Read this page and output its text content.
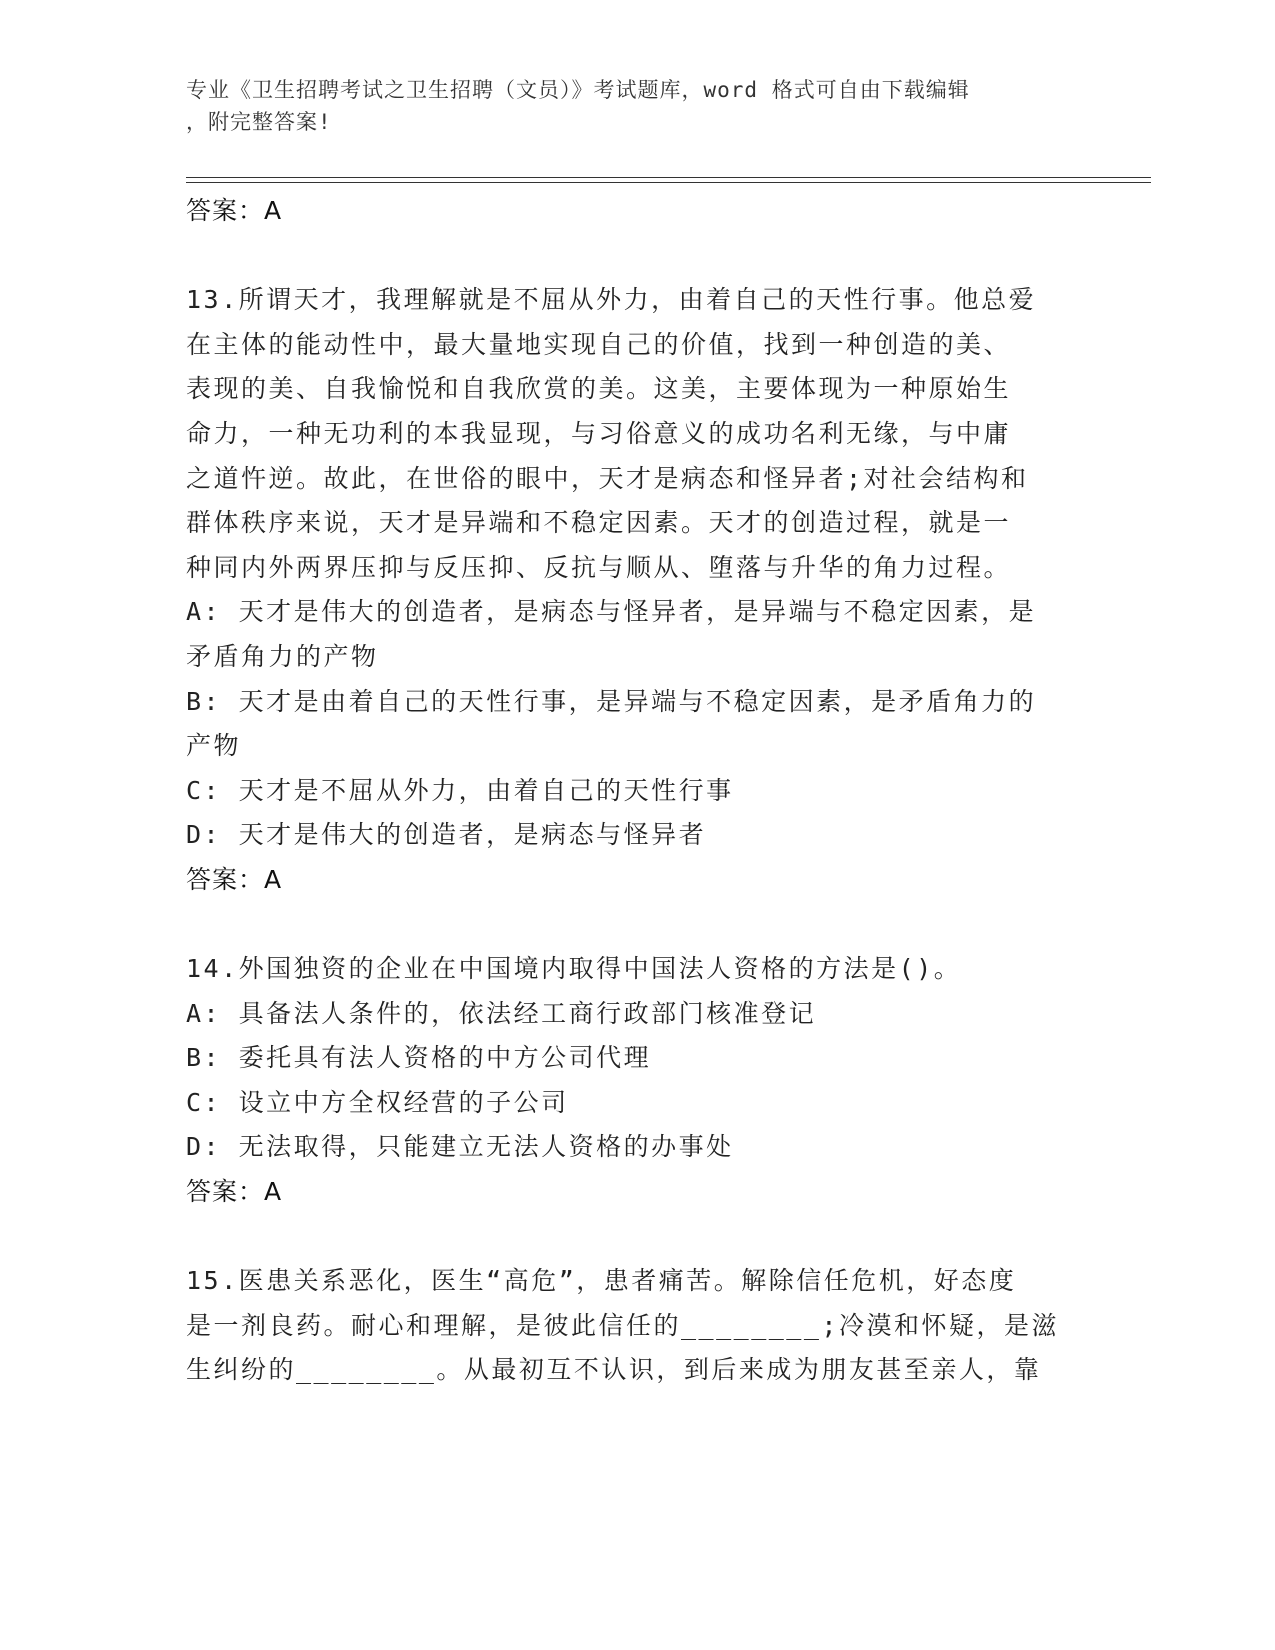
专业《卫生招聘考试之卫生招聘（文员）》考试题库，word 格式可自由下载编辑
，附完整答案!
答案：A

13.所谓天才，我理解就是不屈从外力，由着自己的天性行事。他总爱

在主体的能动性中，最大量地实现自己的价值，找到一种创造的美、

表现的美、自我愉悦和自我欣赏的美。这美，主要体现为一种原始生

命力，一种无功利的本我显现，与习俗意义的成功名利无缘，与中庸

之道忤逆。故此，在世俗的眼中，天才是病态和怪异者;对社会结构和

群体秩序来说，天才是异端和不稳定因素。天才的创造过程，就是一

种同内外两界压抑与反压抑、反抗与顺从、堕落与升华的角力过程。

A: 天才是伟大的创造者，是病态与怪异者，是异端与不稳定因素，是

矛盾角力的产物

B: 天才是由着自己的天性行事，是异端与不稳定因素，是矛盾角力的

产物

C: 天才是不屈从外力，由着自己的天性行事

D: 天才是伟大的创造者，是病态与怪异者

答案：A

14.外国独资的企业在中国境内取得中国法人资格的方法是()。

A: 具备法人条件的，依法经工商行政部门核准登记

B: 委托具有法人资格的中方公司代理

C: 设立中方全权经营的子公司

D: 无法取得，只能建立无法人资格的办事处

答案：A

15.医患关系恶化，医生“高危”，患者痛苦。解除信任危机，好态度

是一剂良药。耐心和理解，是彼此信任的________;冷漠和怀疑，是滋

生纠纷的________。从最初互不认识，到后来成为朋友甚至亲人，靠
